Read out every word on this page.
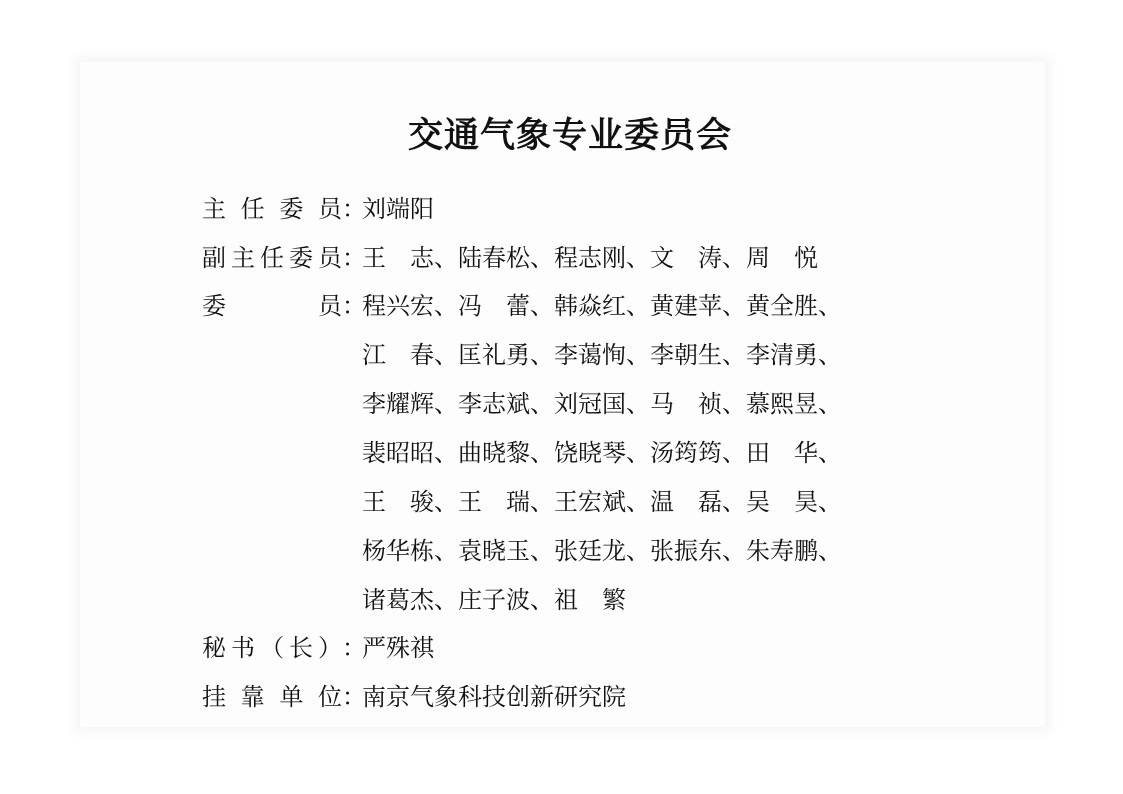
交通气象专业委员会
主任委员 ：
刘端阳
副主任委员 ：
王　志、陆春松、程志刚、文　涛、周　悦
委员 ：
程兴宏、冯　蕾、韩焱红、黄建苹、黄全胜、
江　春、匡礼勇、李蔼恂、李朝生、李清勇、
李耀辉、李志斌、刘冠国、马　祯、慕熙昱、
裴昭昭、曲晓黎、饶晓琴、汤筠筠、田　华、
王　骏、王　瑞、王宏斌、温　磊、吴　昊、
杨华栋、袁晓玉、张廷龙、张振东、朱寿鹏、
诸葛杰、庄子波、祖　繁
秘书（长） ：
严殊祺
挂靠单位 ：
南京气象科技创新研究院
